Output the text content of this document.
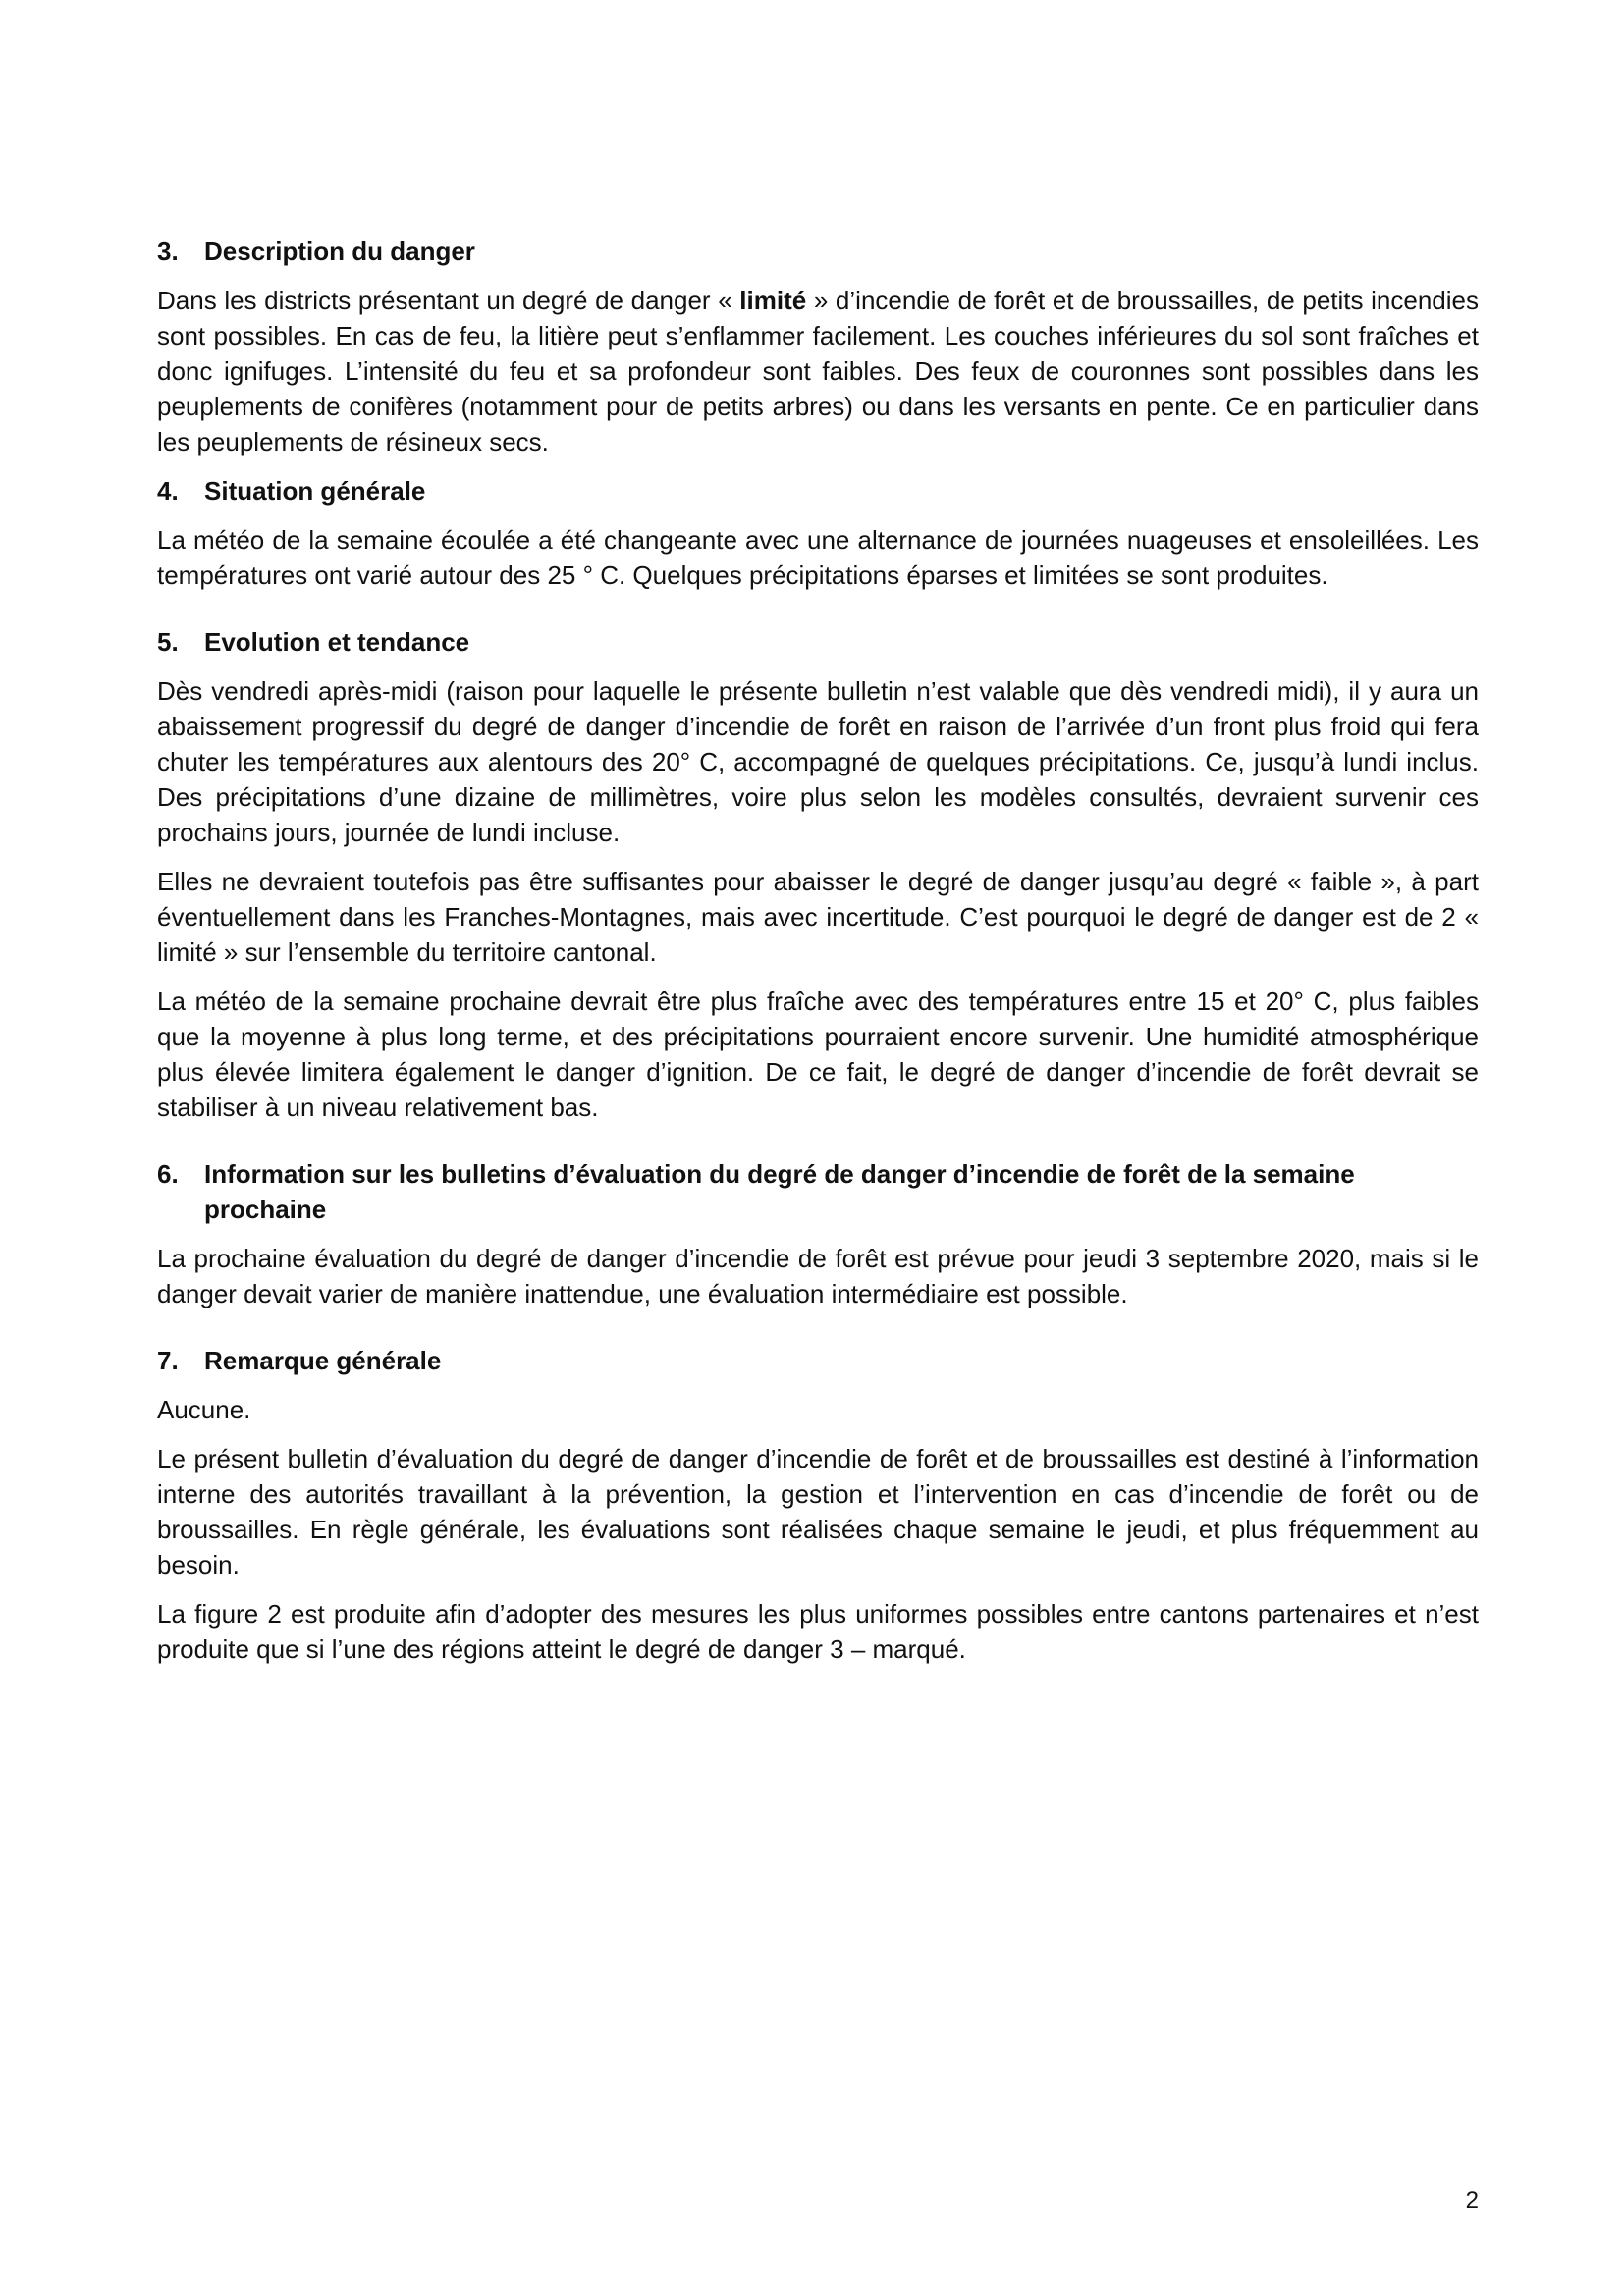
3.	Description du danger

Dans les districts présentant un degré de danger « limité » d’incendie de forêt et de broussailles, de petits incendies sont possibles. En cas de feu, la litière peut s’enflammer facilement. Les couches inférieures du sol sont fraîches et donc ignifuges. L’intensité du feu et sa profondeur sont faibles. Des feux de couronnes sont possibles dans les peuplements de conifères (notamment pour de petits arbres) ou dans les versants en pente. Ce en particulier dans les peuplements de résineux secs.

4.	Situation générale

La météo de la semaine écoulée a été changeante avec une alternance de journées nuageuses et ensoleillées. Les températures ont varié autour des 25 ° C. Quelques précipitations éparses et limitées se sont produites.

5.	Evolution et tendance

Dès vendredi après-midi (raison pour laquelle le présente bulletin n’est valable que dès vendredi midi), il y aura un abaissement progressif du degré de danger d’incendie de forêt en raison de l’arrivée d’un front plus froid qui fera chuter les températures aux alentours des 20° C, accompagné de quelques précipitations. Ce, jusqu’à lundi inclus. Des précipitations d’une dizaine de millimètres, voire plus selon les modèles consultés, devraient survenir ces prochains jours, journée de lundi incluse.

Elles ne devraient toutefois pas être suffisantes pour abaisser le degré de danger jusqu’au degré « faible », à part éventuellement dans les Franches-Montagnes, mais avec incertitude. C’est pourquoi le degré de danger est de 2 « limité » sur l’ensemble du territoire cantonal.

La météo de la semaine prochaine devrait être plus fraîche avec des températures entre 15 et 20° C, plus faibles que la moyenne à plus long terme, et des précipitations pourraient encore survenir. Une humidité atmosphérique plus élevée limitera également le danger d’ignition. De ce fait, le degré de danger d’incendie de forêt devrait se stabiliser à un niveau relativement bas.

6.	Information sur les bulletins d’évaluation du degré de danger d’incendie de forêt de la semaine prochaine

La prochaine évaluation du degré de danger d’incendie de forêt est prévue pour jeudi 3 septembre 2020, mais si le danger devait varier de manière inattendue, une évaluation intermédiaire est possible.

7.	Remarque générale

Aucune.

Le présent bulletin d’évaluation du degré de danger d’incendie de forêt et de broussailles est destiné à l’information interne des autorités travaillant à la prévention, la gestion et l’intervention en cas d’incendie de forêt ou de broussailles. En règle générale, les évaluations sont réalisées chaque semaine le jeudi, et plus fréquemment au besoin.

La figure 2 est produite afin d’adopter des mesures les plus uniformes possibles entre cantons partenaires et n’est produite que si l’une des régions atteint le degré de danger 3 – marqué.

2
